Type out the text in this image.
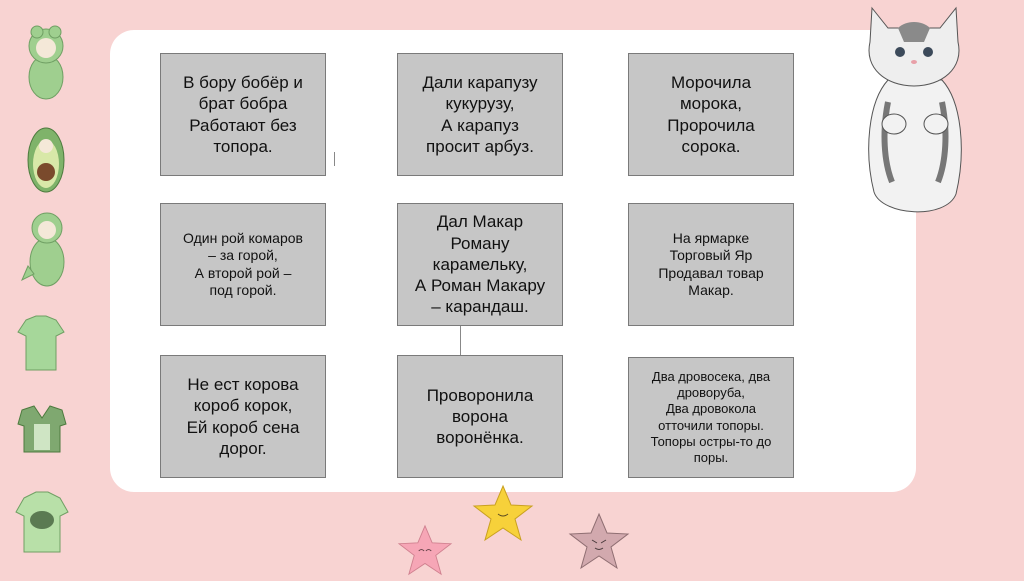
В бору бобёр и
брат бобра
Работают без
топора.
Дали карапузу
кукурузу,
А карапуз
просит арбуз.
Морочила
морока,
Пророчила
сорока.
Один рой комаров
– за горой,
А второй рой –
под горой.
Дал Макар
Роману
карамельку,
А Роман Макару
– карандаш.
На ярмарке
Торговый Яр
Продавал товар
Макар.
Не ест корова
короб корок,
Ей короб сена
дорог.
Проворонила
ворона
воронёнка.
Два дровосека, два
дроворуба,
Два дровокола
отточили топоры.
Топоры остры-то до
поры.
